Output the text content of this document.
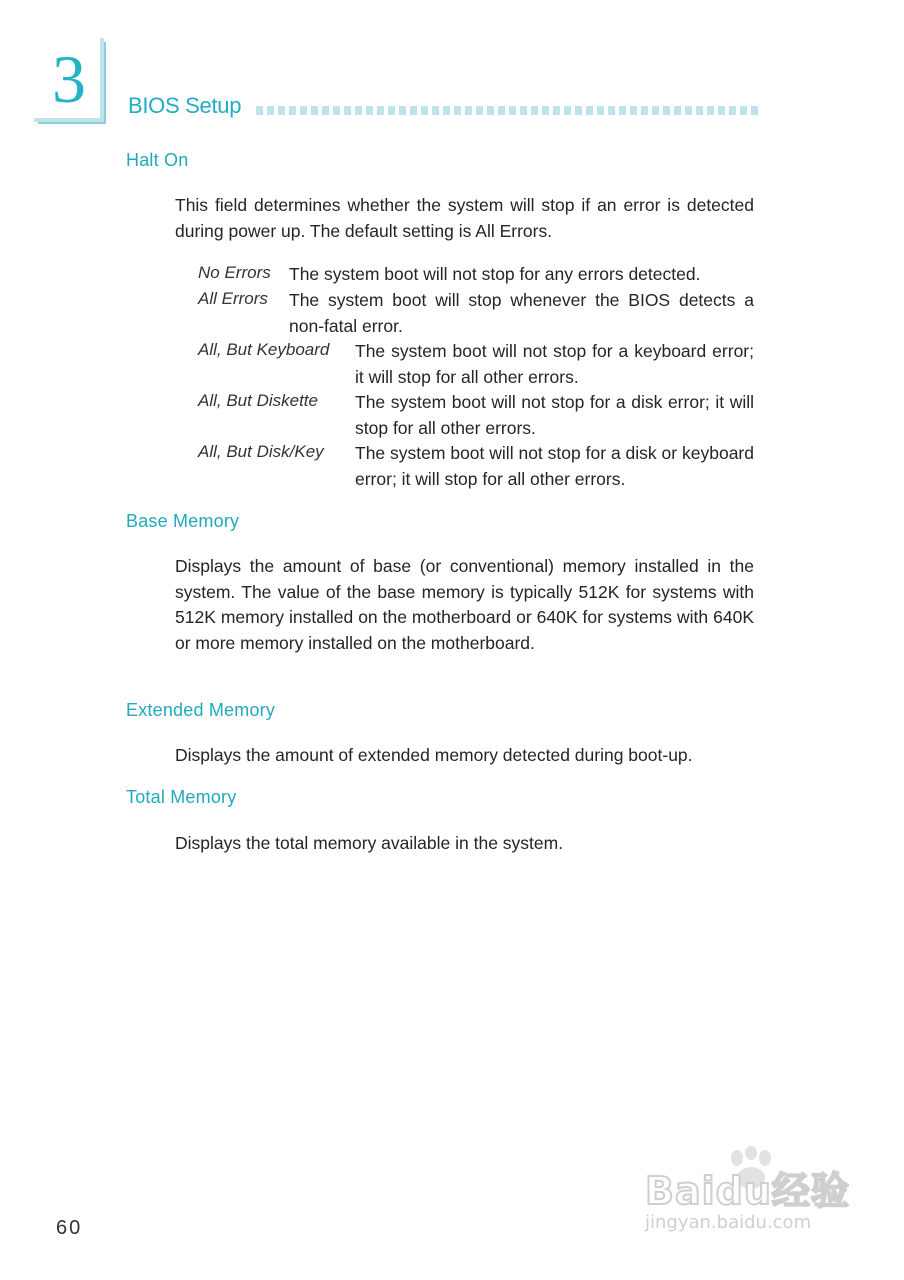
3 BIOS Setup
Halt On

This field determines whether the system will stop if an error is detected during power up. The default setting is All Errors.

No Errors The system boot will not stop for any errors detected.

All Errors The system boot will stop whenever the BIOS detects a non-fatal error.

All, But Keyboard The system boot will not stop for a keyboard error; it will stop for all other errors.

All, But Diskette The system boot will not stop for a disk error; it will stop for all other errors.

All, But Disk/Key The system boot will not stop for a disk or keyboard error; it will stop for all other errors.

Base Memory

Displays the amount of base (or conventional) memory installed in the system. The value of the base memory is typically 512K for systems with 512K memory installed on the motherboard or 640K for systems with 640K or more memory installed on the motherboard.

Extended Memory

Displays the amount of extended memory detected during boot-up.

Total Memory

Displays the total memory available in the system.

60
Baidu经验
jingyan.baidu.com
